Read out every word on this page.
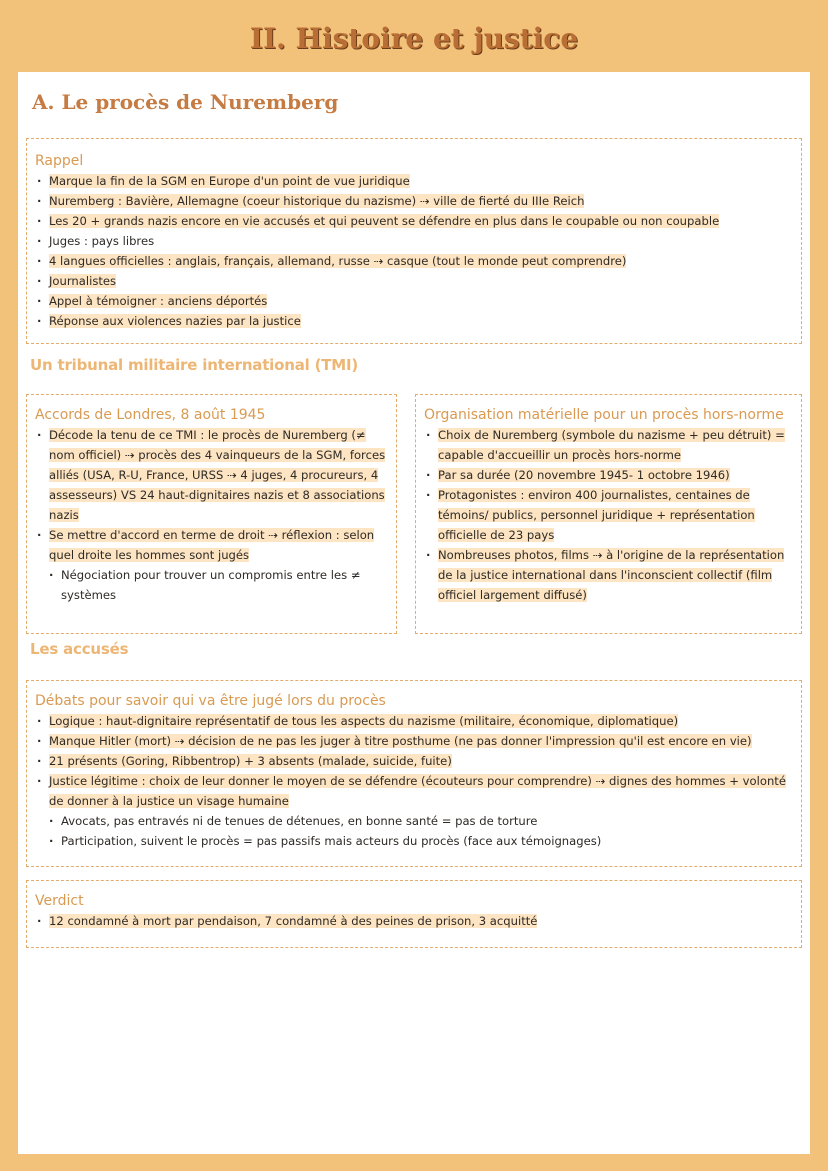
II. Histoire et justice
A. Le procès de Nuremberg
Rappel
· Marque la fin de la SGM en Europe d'un point de vue juridique
· Nuremberg : Bavière, Allemagne (coeur historique du nazisme) ⇢ ville de fierté du IIIe Reich
· Les 20 + grands nazis encore en vie accusés et qui peuvent se défendre en plus dans le coupable ou non coupable
· Juges : pays libres
· 4 langues officielles : anglais, français, allemand, russe ⇢ casque (tout le monde peut comprendre)
· Journalistes
· Appel à témoigner : anciens déportés
· Réponse aux violences nazies par la justice
Un tribunal militaire international (TMI)
Accords de Londres, 8 août 1945
· Décode la tenu de ce TMI : le procès de Nuremberg (≠ nom officiel) ⇢ procès des 4 vainqueurs de la SGM, forces alliés (USA, R-U, France, URSS ⇢ 4 juges, 4 procureurs, 4 assesseurs) VS 24 haut-dignitaires nazis et 8 associations nazis
· Se mettre d'accord en terme de droit ⇢ réflexion : selon quel droite les hommes sont jugés
· Négociation pour trouver un compromis entre les ≠ systèmes
Organisation matérielle pour un procès hors-norme
· Choix de Nuremberg (symbole du nazisme + peu détruit) = capable d'accueillir un procès hors-norme
· Par sa durée (20 novembre 1945- 1 octobre 1946)
· Protagonistes : environ 400 journalistes, centaines de témoins/ publics, personnel juridique + représentation officielle de 23 pays
· Nombreuses photos, films ⇢ à l'origine de la représentation de la justice international dans l'inconscient collectif (film officiel largement diffusé)
Les accusés
Débats pour savoir qui va être jugé lors du procès
· Logique : haut-dignitaire représentatif de tous les aspects du nazisme (militaire, économique, diplomatique)
· Manque Hitler (mort) ⇢ décision de ne pas les juger à titre posthume (ne pas donner l'impression qu'il est encore en vie)
· 21 présents (Goring, Ribbentrop) + 3 absents (malade, suicide, fuite)
· Justice légitime : choix de leur donner le moyen de se défendre (écouteurs pour comprendre) ⇢ dignes des hommes + volonté de donner à la justice un visage humaine
· Avocats, pas entravés ni de tenues de détenues, en bonne santé = pas de torture
· Participation, suivent le procès = pas passifs mais acteurs du procès (face aux témoignages)
Verdict
· 12 condamné à mort par pendaison, 7 condamné à des peines de prison, 3 acquitté
